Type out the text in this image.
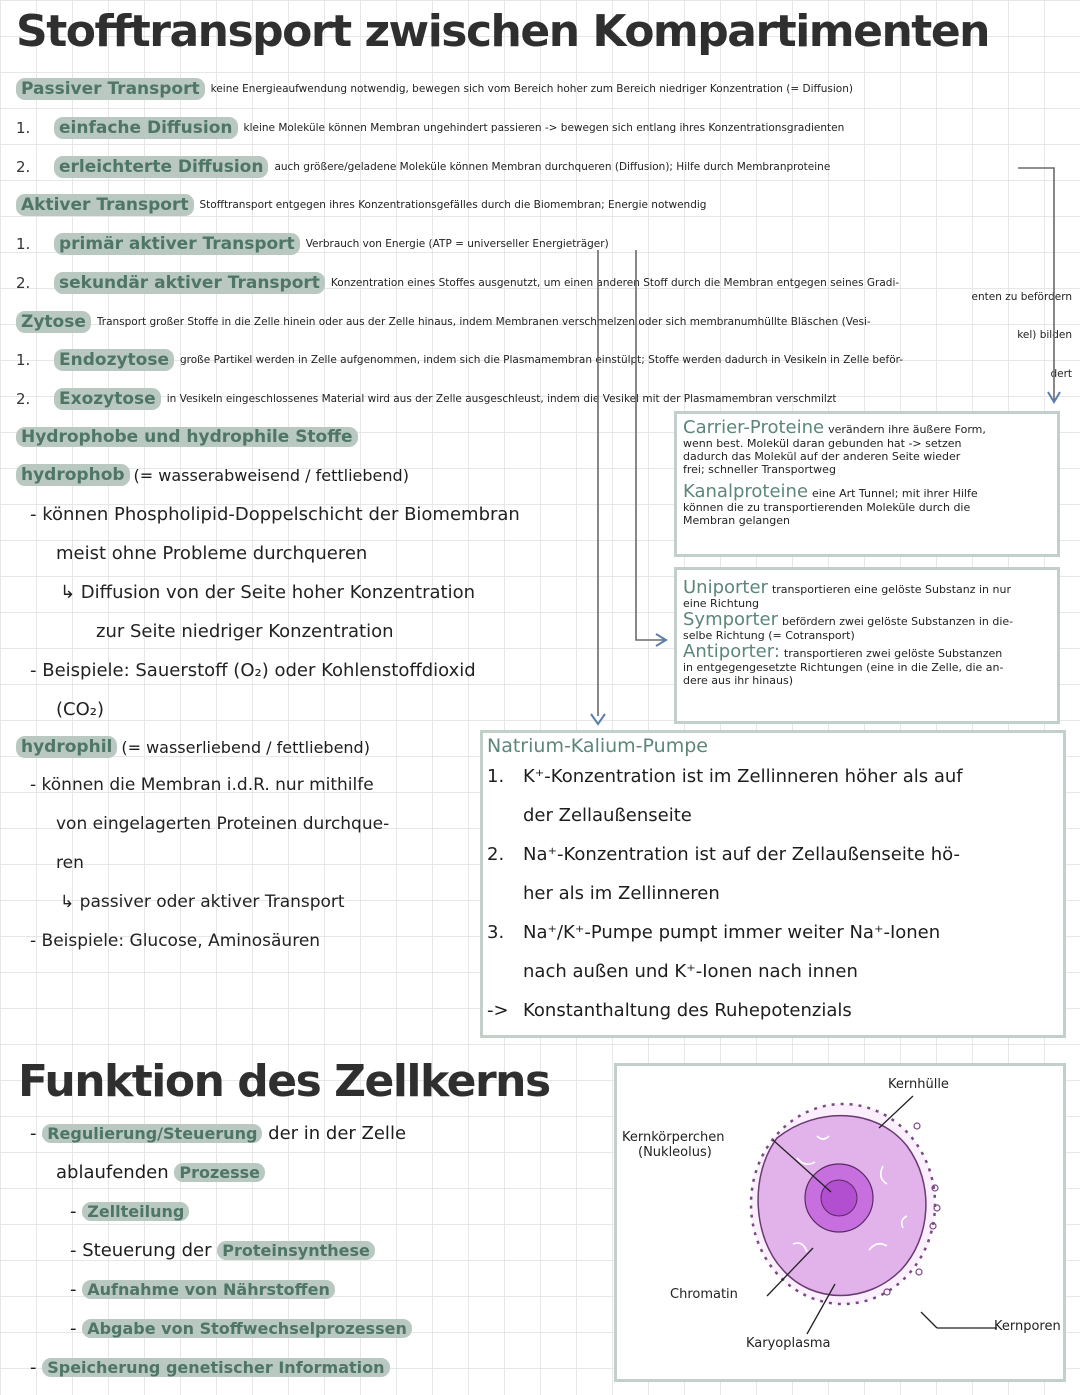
Stofftransport zwischen Kompartimenten
Passiver Transport	keine Energieaufwendung notwendig, bewegen sich vom Bereich hoher zum Bereich niedriger Konzentration (= Diffusion)
1.	einfache Diffusion	kleine Moleküle können Membran ungehindert passieren -> bewegen sich entlang ihres Konzentrationsgradienten
2.	erleichterte Diffusion	auch größere/geladene Moleküle können Membran durchqueren (Diffusion); Hilfe durch Membranproteine
Aktiver Transport	Stofftransport entgegen ihres Konzentrationsgefälles durch die Biomembran; Energie notwendig
1.	primär aktiver Transport	Verbrauch von Energie (ATP = universeller Energieträger)
2.	sekundär aktiver Transport	Konzentration eines Stoffes ausgenutzt, um einen anderen Stoff durch die Membran entgegen seines Gradi-
enten zu befördern
Zytose	Transport großer Stoffe in die Zelle hinein oder aus der Zelle hinaus, indem Membranen verschmelzen oder sich membranumhüllte Bläschen (Vesi-
kel) bilden
1.	Endozytose	große Partikel werden in Zelle aufgenommen, indem sich die Plasmamembran einstülpt; Stoffe werden dadurch in Vesikeln in Zelle beför-
dert
2.	Exozytose	in Vesikeln eingeschlossenes Material wird aus der Zelle ausgeschleust, indem die Vesikel mit der Plasmamembran verschmilzt
Hydrophobe und hydrophile Stoffe
hydrophob (= wasserabweisend / fettliebend)
- können Phospholipid-Doppelschicht der Biomembran
meist ohne Probleme durchqueren
↳ Diffusion von der Seite hoher Konzentration
zur Seite niedriger Konzentration
- Beispiele: Sauerstoff (O₂) oder Kohlenstoffdioxid
(CO₂)
hydrophil (= wasserliebend / fettliebend)
- können die Membran i.d.R. nur mithilfe
von eingelagerten Proteinen durchque-
ren
↳ passiver oder aktiver Transport
- Beispiele: Glucose, Aminosäuren
Carrier-Proteine verändern ihre äußere Form,
wenn best. Molekül daran gebunden hat -> setzen
dadurch das Molekül auf der anderen Seite wieder
frei; schneller Transportweg
Kanalproteine eine Art Tunnel; mit ihrer Hilfe
können die zu transportierenden Moleküle durch die
Membran gelangen
Uniporter transportieren eine gelöste Substanz in nur
eine Richtung
Symporter befördern zwei gelöste Substanzen in die-
selbe Richtung (= Cotransport)
Antiporter: transportieren zwei gelöste Substanzen
in entgegengesetzte Richtungen (eine in die Zelle, die an-
dere aus ihr hinaus)
Natrium-Kalium-Pumpe
1.	K⁺-Konzentration ist im Zellinneren höher als auf
der Zellaußenseite
2.	Na⁺-Konzentration ist auf der Zellaußenseite hö-
her als im Zellinneren
3.	Na⁺/K⁺-Pumpe pumpt immer weiter Na⁺-Ionen
nach außen und K⁺-Ionen nach innen
-> Konstanthaltung des Ruhepotenzials
Funktion des Zellkerns
- Regulierung/Steuerung der in der Zelle
ablaufenden Prozesse
- Zellteilung
- Steuerung der Proteinsynthese
- Aufnahme von Nährstoffen
- Abgabe von Stoffwechselprozessen
- Speicherung genetischer Information
Kernhülle
Kernkörperchen
(Nukleolus)
Chromatin
Karyoplasma
Kernporen
